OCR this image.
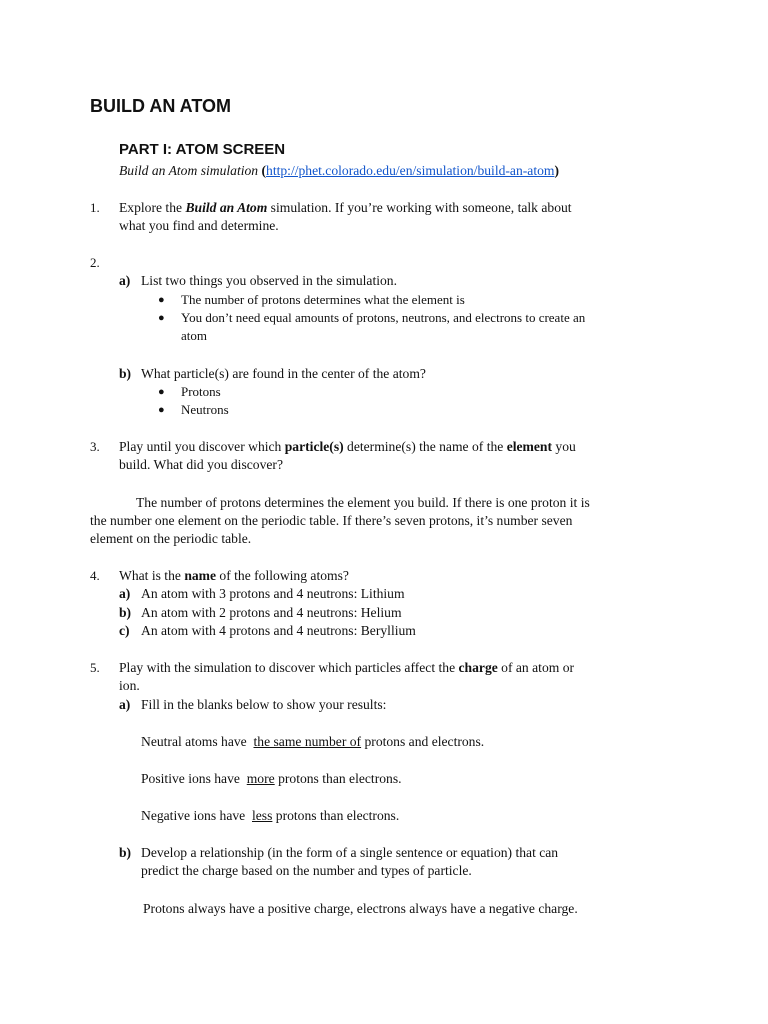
BUILD AN ATOM
PART I: ATOM SCREEN
Build an Atom simulation (http://phet.colorado.edu/en/simulation/build-an-atom)
1. Explore the Build an Atom simulation. If you’re working with someone, talk about
what you find and determine.
2.
a) List two things you observed in the simulation.
● The number of protons determines what the element is
● You don’t need equal amounts of protons, neutrons, and electrons to create an
atom
b) What particle(s) are found in the center of the atom?
● Protons
● Neutrons
3. Play until you discover which particle(s) determine(s) the name of the element you
build. What did you discover?
The number of protons determines the element you build. If there is one proton it is
the number one element on the periodic table. If there’s seven protons, it’s number seven
element on the periodic table.
4. What is the name of the following atoms?
a) An atom with 3 protons and 4 neutrons: Lithium
b) An atom with 2 protons and 4 neutrons: Helium
c) An atom with 4 protons and 4 neutrons: Beryllium
5. Play with the simulation to discover which particles affect the charge of an atom or
ion.
a) Fill in the blanks below to show your results:
Neutral atoms have  the same number of protons and electrons.
Positive ions have  more protons than electrons.
Negative ions have  less protons than electrons.
b) Develop a relationship (in the form of a single sentence or equation) that can
predict the charge based on the number and types of particle.
Protons always have a positive charge, electrons always have a negative charge.
